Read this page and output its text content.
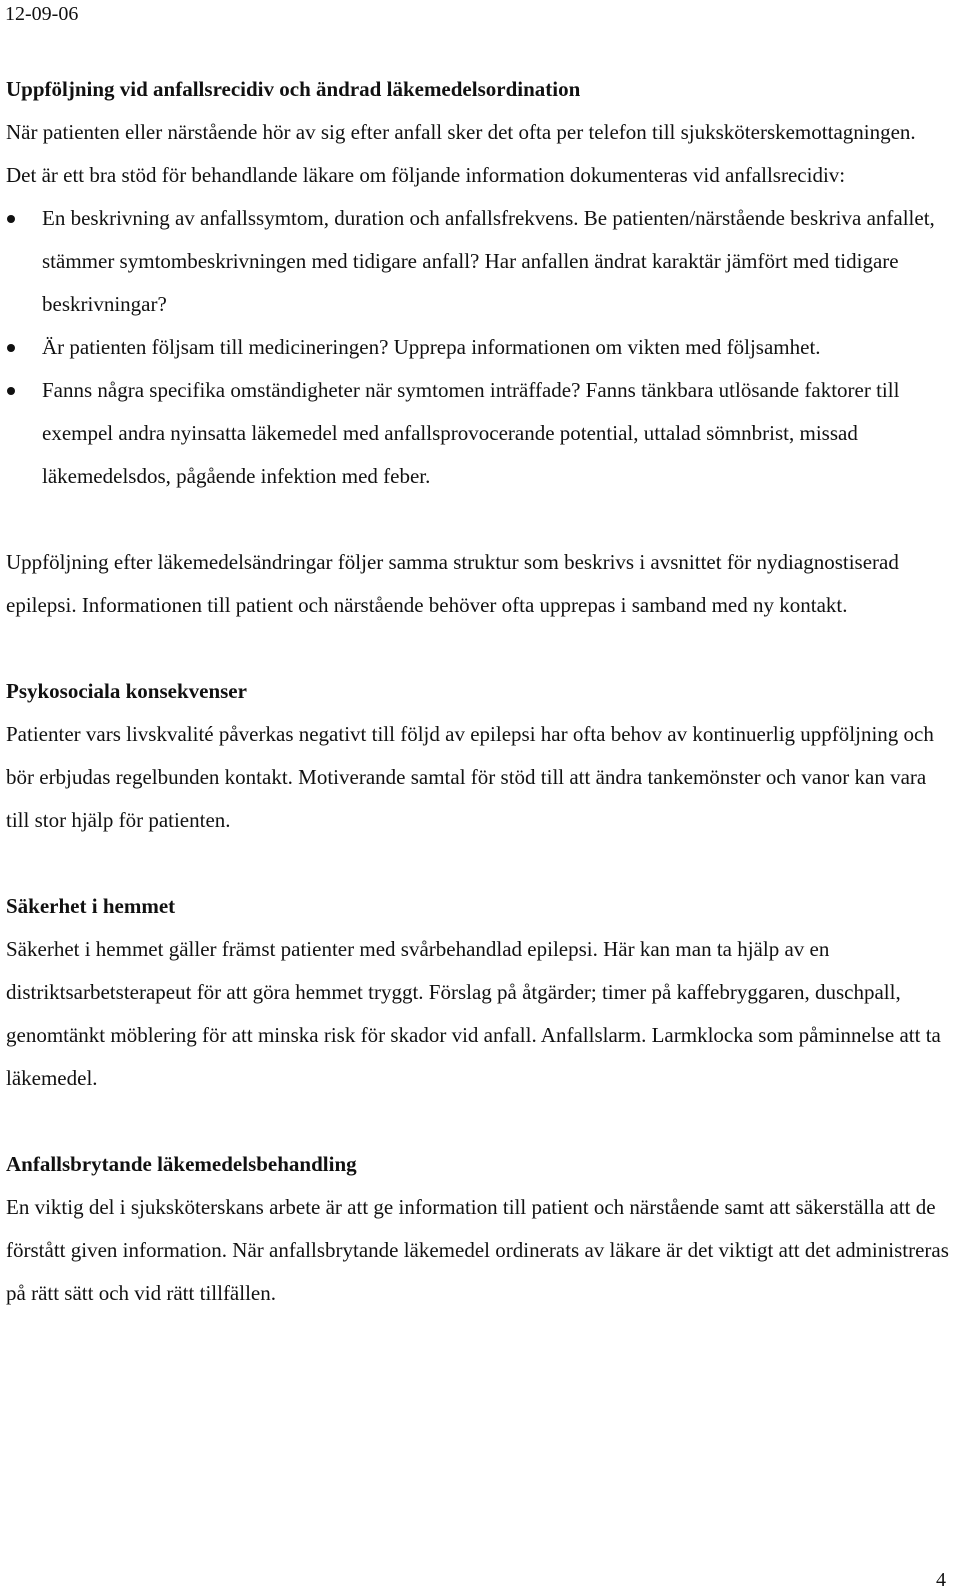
12-09-06
Uppföljning vid anfallsrecidiv och ändrad läkemedelsordination

När patienten eller närstående hör av sig efter anfall sker det ofta per telefon till sjuksköterskemottagningen. Det är ett bra stöd för behandlande läkare om följande information dokumenteras vid anfallsrecidiv:

En beskrivning av anfallssymtom, duration och anfallsfrekvens. Be patienten/närstående beskriva anfallet, stämmer symtombeskrivningen med tidigare anfall? Har anfallen ändrat karaktär jämfört med tidigare beskrivningar?
Är patienten följsam till medicineringen? Upprepa informationen om vikten med följsamhet.
Fanns några specifika omständigheter när symtomen inträffade? Fanns tänkbara utlösande faktorer till exempel andra nyinsatta läkemedel med anfallsprovocerande potential, uttalad sömnbrist, missad läkemedelsdos, pågående infektion med feber.

Uppföljning efter läkemedelsändringar följer samma struktur som beskrivs i avsnittet för nydiagnostiserad epilepsi. Informationen till patient och närstående behöver ofta upprepas i samband med ny kontakt.

Psykosociala konsekvenser

Patienter vars livskvalité påverkas negativt till följd av epilepsi har ofta behov av kontinuerlig uppföljning och bör erbjudas regelbunden kontakt. Motiverande samtal för stöd till att ändra tankemönster och vanor kan vara till stor hjälp för patienten.

Säkerhet i hemmet

Säkerhet i hemmet gäller främst patienter med svårbehandlad epilepsi. Här kan man ta hjälp av en distriktsarbetsterapeut för att göra hemmet tryggt. Förslag på åtgärder; timer på kaffebryggaren, duschpall, genomtänkt möblering för att minska risk för skador vid anfall. Anfallslarm. Larmklocka som påminnelse att ta läkemedel.

Anfallsbrytande läkemedelsbehandling

En viktig del i sjuksköterskans arbete är att ge information till patient och närstående samt att säkerställa att de förstått given information. När anfallsbrytande läkemedel ordinerats av läkare är det viktigt att det administreras på rätt sätt och vid rätt tillfällen.

4
